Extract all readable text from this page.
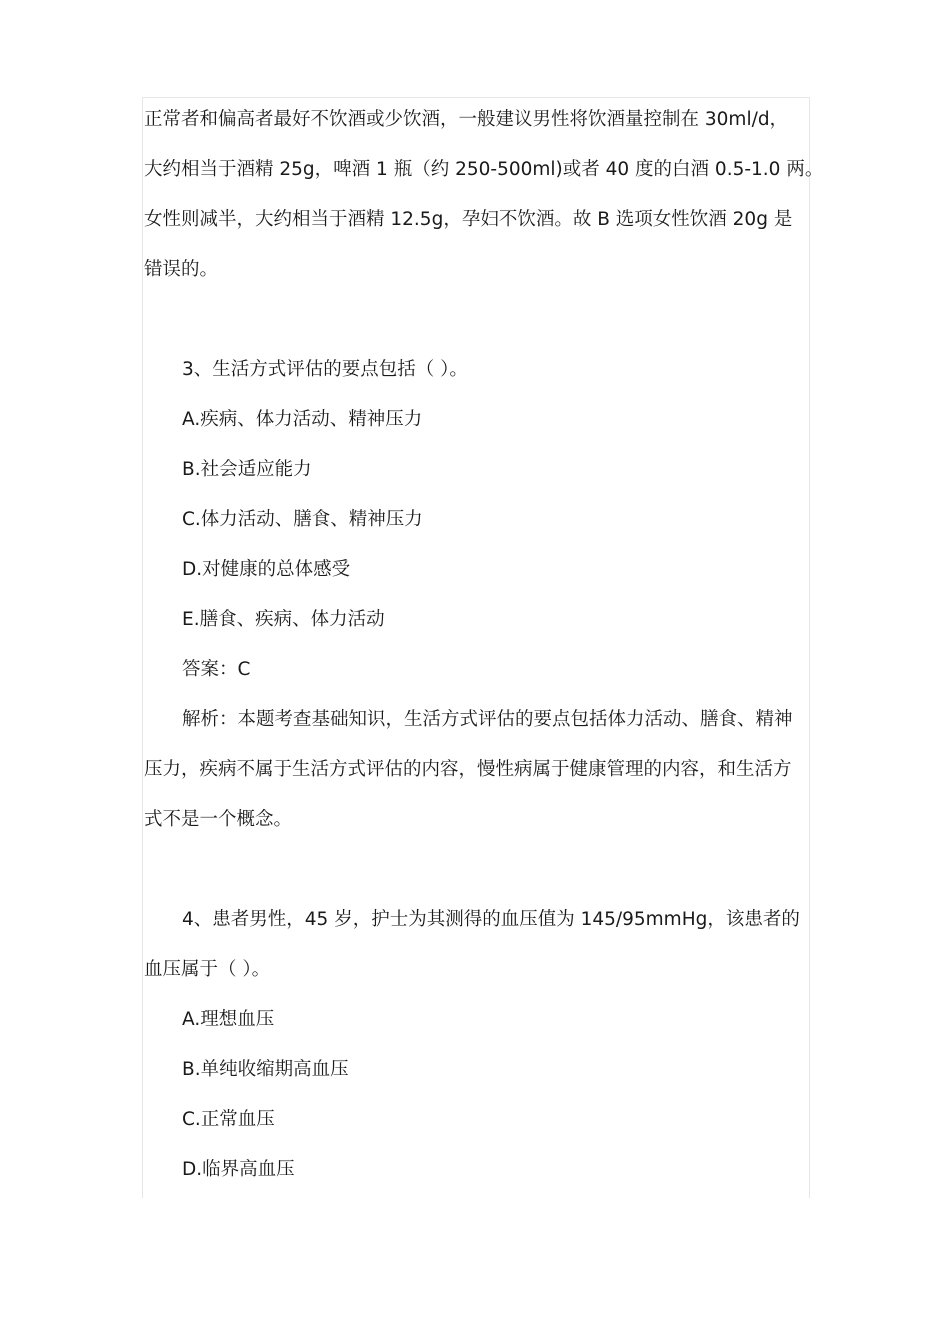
正常者和偏高者最好不饮酒或少饮酒，一般建议男性将饮酒量控制在 30ml/d，

大约相当于酒精 25g，啤酒 1 瓶（约 250-500ml)或者 40 度的白酒 0.5-1.0 两。

女性则减半，大约相当于酒精 12.5g，孕妇不饮酒。故 B 选项女性饮酒 20g 是

错误的。

3、生活方式评估的要点包括（ ）。

A.疾病、体力活动、精神压力

B.社会适应能力

C.体力活动、膳食、精神压力

D.对健康的总体感受

E.膳食、疾病、体力活动

答案：C

解析：本题考查基础知识，生活方式评估的要点包括体力活动、膳食、精神

压力，疾病不属于生活方式评估的内容，慢性病属于健康管理的内容，和生活方

式不是一个概念。

4、患者男性，45 岁，护士为其测得的血压值为 145/95mmHg，该患者的

血压属于（ ）。

A.理想血压

B.单纯收缩期高血压

C.正常血压

D.临界高血压
